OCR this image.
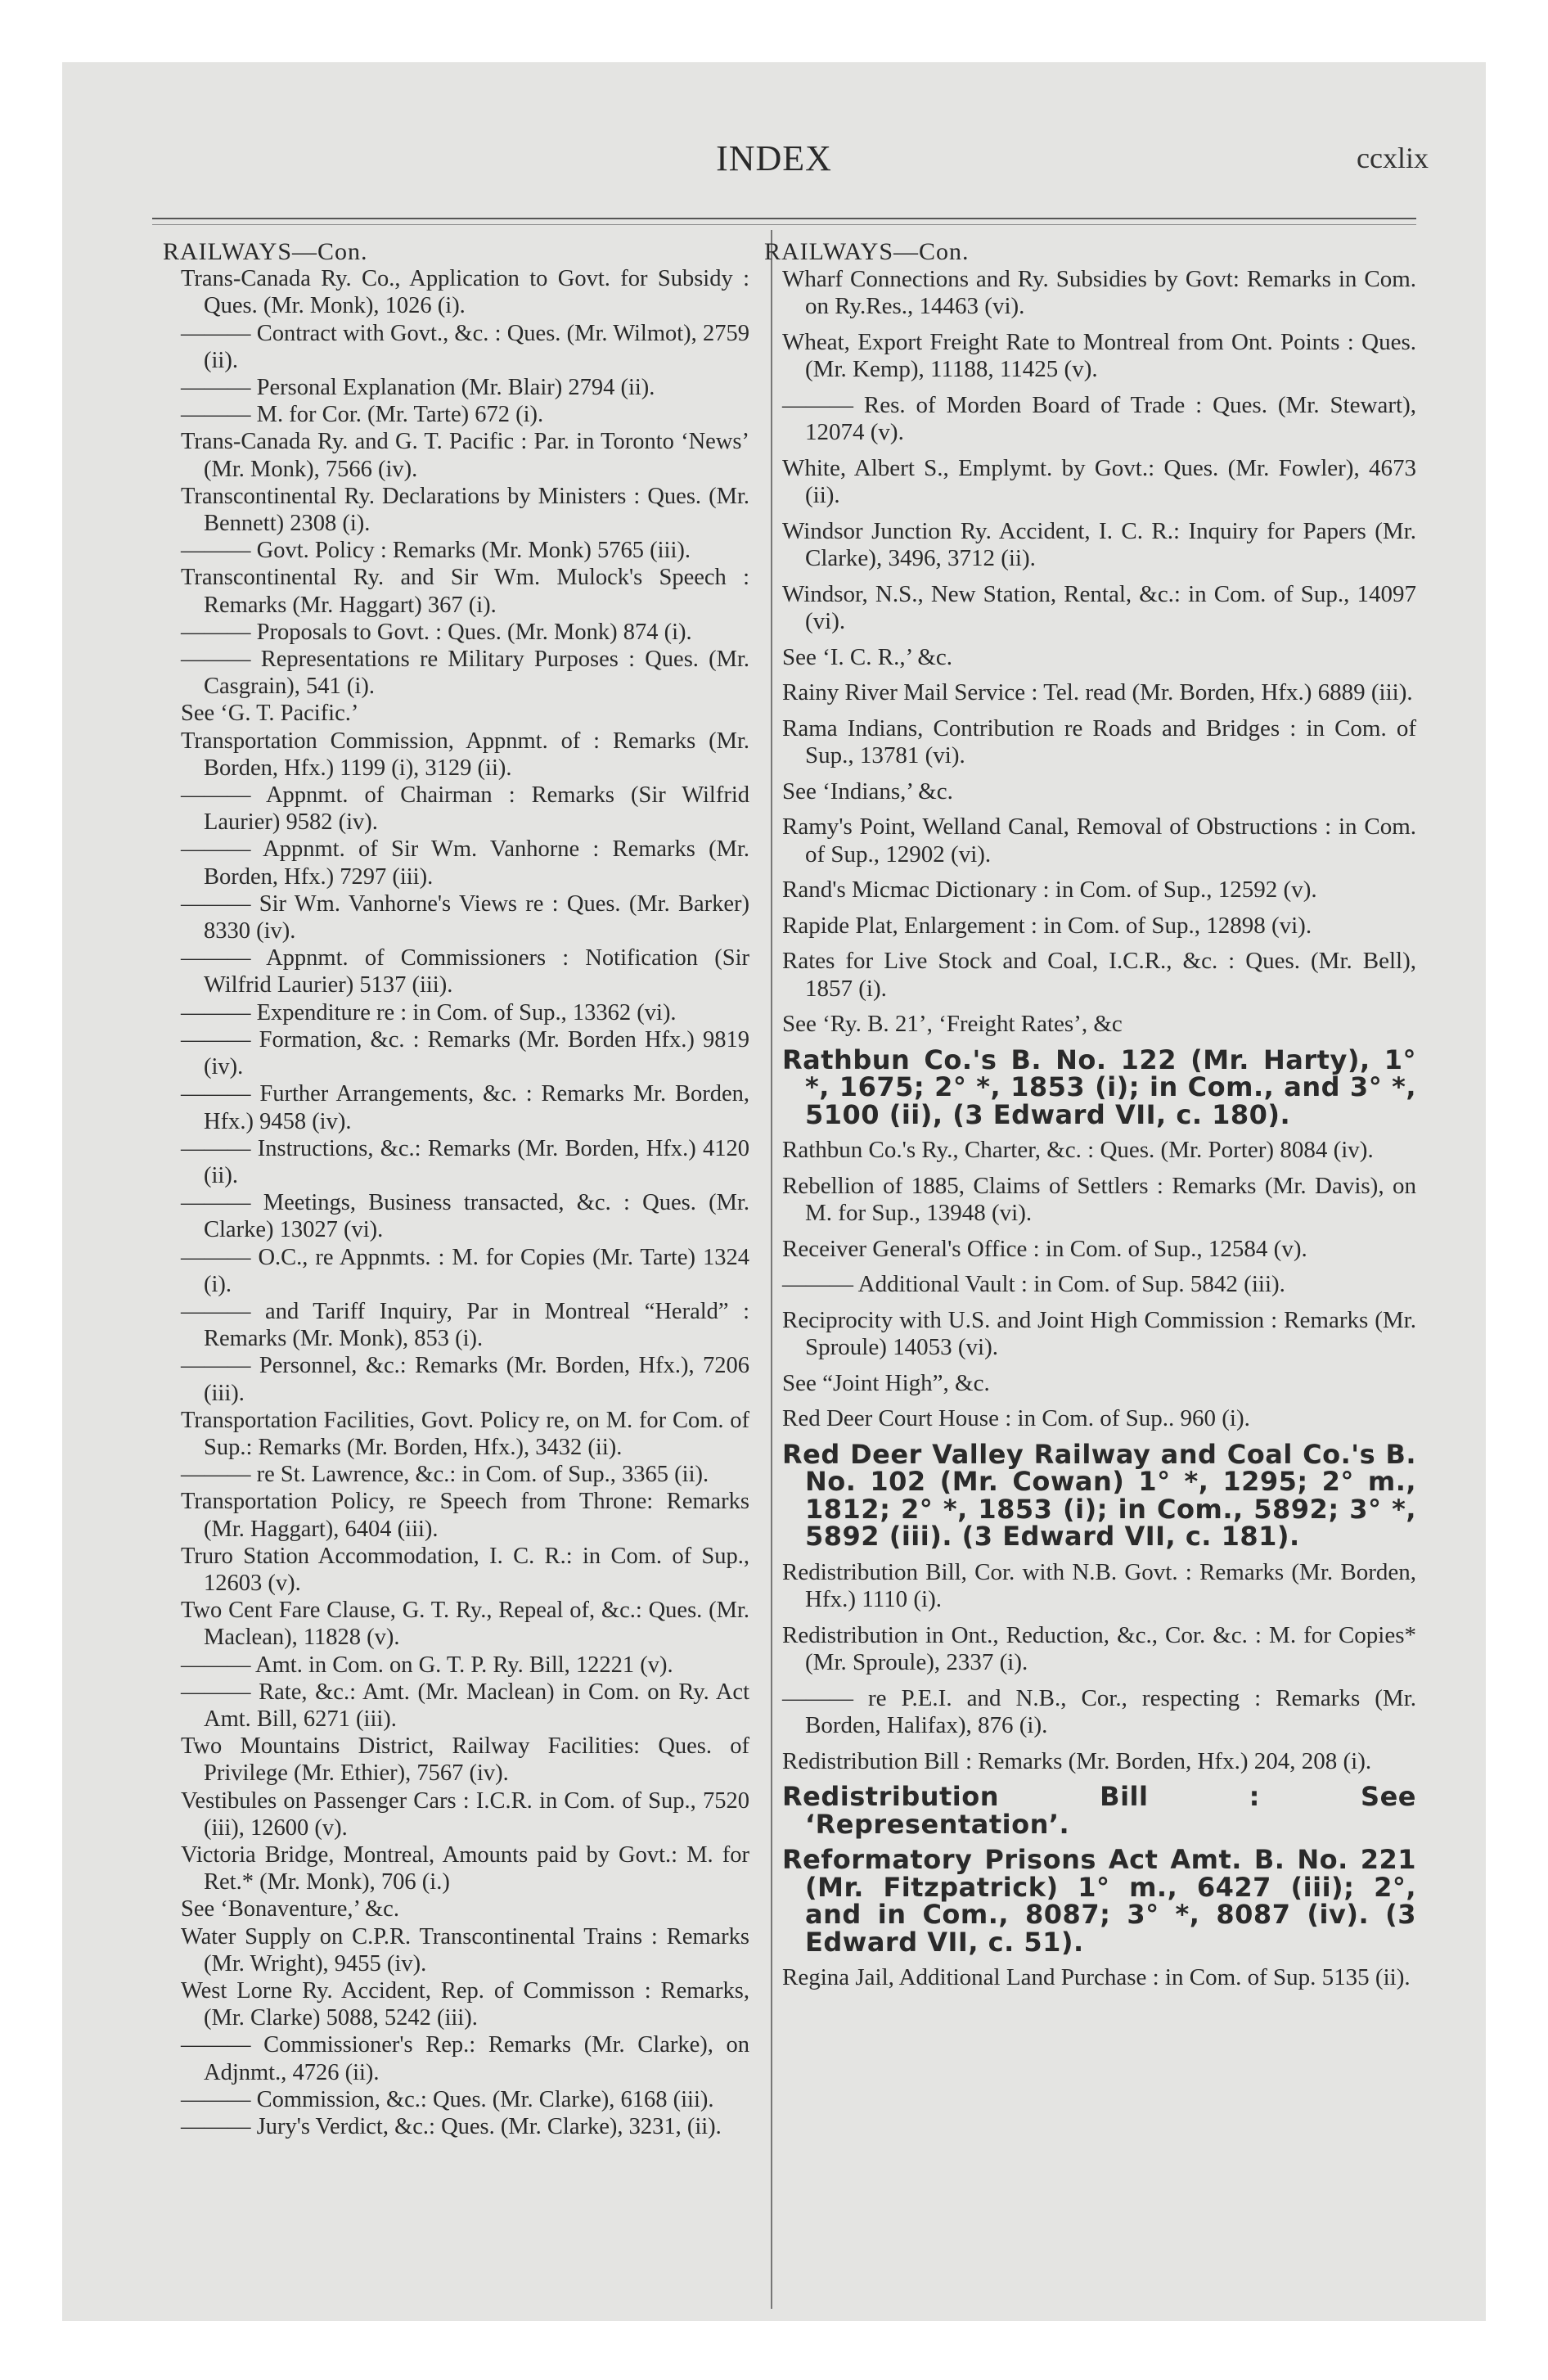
INDEX	ccxlix
RAILWAYS—Con.
Trans-Canada Ry. Co., Application to Govt. for Subsidy : Ques. (Mr. Monk), 1026 (i).
——— Contract with Govt., &c. : Ques. (Mr. Wilmot), 2759 (ii).
——— Personal Explanation (Mr. Blair) 2794 (ii).
——— M. for Cor. (Mr. Tarte) 672 (i).
Trans-Canada Ry. and G. T. Pacific : Par. in Toronto ‘News’ (Mr. Monk), 7566 (iv).
Transcontinental Ry. Declarations by Ministers : Ques. (Mr. Bennett) 2308 (i).
——— Govt. Policy : Remarks (Mr. Monk) 5765 (iii).
Transcontinental Ry. and Sir Wm. Mulock's Speech : Remarks (Mr. Haggart) 367 (i).
——— Proposals to Govt. : Ques. (Mr. Monk) 874 (i).
——— Representations re Military Purposes : Ques. (Mr. Casgrain), 541 (i).
See ‘G. T. Pacific.’
Transportation Commission, Appnmt. of : Remarks (Mr. Borden, Hfx.) 1199 (i), 3129 (ii).
——— Appnmt. of Chairman : Remarks (Sir Wilfrid Laurier) 9582 (iv).
——— Appnmt. of Sir Wm. Vanhorne : Remarks (Mr. Borden, Hfx.) 7297 (iii).
——— Sir Wm. Vanhorne's Views re : Ques. (Mr. Barker) 8330 (iv).
——— Appnmt. of Commissioners : Notification (Sir Wilfrid Laurier) 5137 (iii).
——— Expenditure re : in Com. of Sup., 13362 (vi).
——— Formation, &c. : Remarks (Mr. Borden Hfx.) 9819 (iv).
——— Further Arrangements, &c. : Remarks Mr. Borden, Hfx.) 9458 (iv).
——— Instructions, &c.: Remarks (Mr. Borden, Hfx.) 4120 (ii).
——— Meetings, Business transacted, &c. : Ques. (Mr. Clarke) 13027 (vi).
——— O.C., re Appnmts. : M. for Copies (Mr. Tarte) 1324 (i).
——— and Tariff Inquiry, Par in Montreal “Herald” : Remarks (Mr. Monk), 853 (i).
——— Personnel, &c.: Remarks (Mr. Borden, Hfx.), 7206 (iii).
Transportation Facilities, Govt. Policy re, on M. for Com. of Sup.: Remarks (Mr. Borden, Hfx.), 3432 (ii).
——— re St. Lawrence, &c.: in Com. of Sup., 3365 (ii).
Transportation Policy, re Speech from Throne: Remarks (Mr. Haggart), 6404 (iii).
Truro Station Accommodation, I. C. R.: in Com. of Sup., 12603 (v).
Two Cent Fare Clause, G. T. Ry., Repeal of, &c.: Ques. (Mr. Maclean), 11828 (v).
——— Amt. in Com. on G. T. P. Ry. Bill, 12221 (v).
——— Rate, &c.: Amt. (Mr. Maclean) in Com. on Ry. Act Amt. Bill, 6271 (iii).
Two Mountains District, Railway Facilities: Ques. of Privilege (Mr. Ethier), 7567 (iv).
Vestibules on Passenger Cars : I.C.R. in Com. of Sup., 7520 (iii), 12600 (v).
Victoria Bridge, Montreal, Amounts paid by Govt.: M. for Ret.* (Mr. Monk), 706 (i.)
See ‘Bonaventure,’ &c.
Water Supply on C.P.R. Transcontinental Trains : Remarks (Mr. Wright), 9455 (iv).
West Lorne Ry. Accident, Rep. of Commisson : Remarks, (Mr. Clarke) 5088, 5242 (iii).
——— Commissioner's Rep.: Remarks (Mr. Clarke), on Adjnmt., 4726 (ii).
——— Commission, &c.: Ques. (Mr. Clarke), 6168 (iii).
——— Jury's Verdict, &c.: Ques. (Mr. Clarke), 3231, (ii).
RAILWAYS—Con.
Wharf Connections and Ry. Subsidies by Govt: Remarks in Com. on Ry.Res., 14463 (vi).
Wheat, Export Freight Rate to Montreal from Ont. Points : Ques. (Mr. Kemp), 11188, 11425 (v).
——— Res. of Morden Board of Trade : Ques. (Mr. Stewart), 12074 (v).
White, Albert S., Emplymt. by Govt.: Ques. (Mr. Fowler), 4673 (ii).
Windsor Junction Ry. Accident, I. C. R.: Inquiry for Papers (Mr. Clarke), 3496, 3712 (ii).
Windsor, N.S., New Station, Rental, &c.: in Com. of Sup., 14097 (vi).
See ‘I. C. R.,’ &c.
Rainy River Mail Service : Tel. read (Mr. Borden, Hfx.) 6889 (iii).
Rama Indians, Contribution re Roads and Bridges : in Com. of Sup., 13781 (vi).
See ‘Indians,’ &c.
Ramy's Point, Welland Canal, Removal of Obstructions : in Com. of Sup., 12902 (vi).
Rand's Micmac Dictionary : in Com. of Sup., 12592 (v).
Rapide Plat, Enlargement : in Com. of Sup., 12898 (vi).
Rates for Live Stock and Coal, I.C.R., &c. : Ques. (Mr. Bell), 1857 (i).
See ‘Ry. B. 21’, ‘Freight Rates’, &c
Rathbun Co.'s B. No. 122 (Mr. Harty), 1° *, 1675; 2° *, 1853 (i); in Com., and 3° *, 5100 (ii), (3 Edward VII, c. 180).
Rathbun Co.'s Ry., Charter, &c. : Ques. (Mr. Porter) 8084 (iv).
Rebellion of 1885, Claims of Settlers : Remarks (Mr. Davis), on M. for Sup., 13948 (vi).
Receiver General's Office : in Com. of Sup., 12584 (v).
——— Additional Vault : in Com. of Sup. 5842 (iii).
Reciprocity with U.S. and Joint High Commission : Remarks (Mr. Sproule) 14053 (vi).
See “Joint High”, &c.
Red Deer Court House : in Com. of Sup.. 960 (i).
Red Deer Valley Railway and Coal Co.'s B. No. 102 (Mr. Cowan) 1° *, 1295; 2° m., 1812; 2° *, 1853 (i); in Com., 5892; 3° *, 5892 (iii). (3 Edward VII, c. 181).
Redistribution Bill, Cor. with N.B. Govt. : Remarks (Mr. Borden, Hfx.) 1110 (i).
Redistribution in Ont., Reduction, &c., Cor. &c. : M. for Copies* (Mr. Sproule), 2337 (i).
——— re P.E.I. and N.B., Cor., respecting : Remarks (Mr. Borden, Halifax), 876 (i).
Redistribution Bill : Remarks (Mr. Borden, Hfx.) 204, 208 (i).
Redistribution Bill : See ‘Representation’.
Reformatory Prisons Act Amt. B. No. 221 (Mr. Fitzpatrick) 1° m., 6427 (iii); 2°, and in Com., 8087; 3° *, 8087 (iv). (3 Edward VII, c. 51).
Regina Jail, Additional Land Purchase : in Com. of Sup. 5135 (ii).
